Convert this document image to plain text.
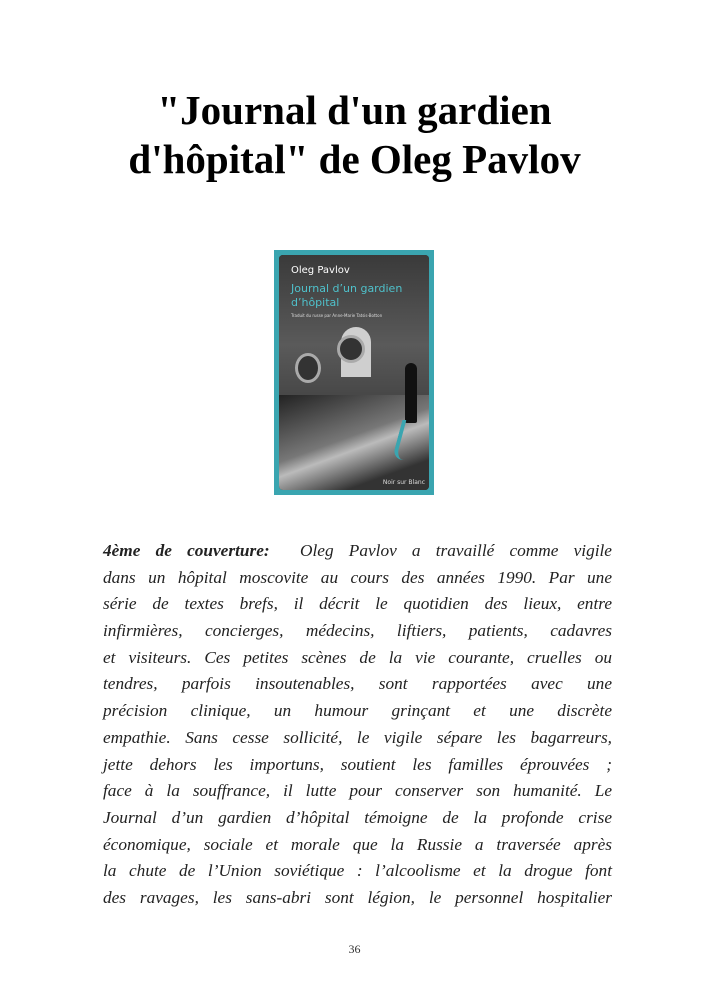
"Journal d'un gardien
d'hôpital" de Oleg Pavlov
Oleg Pavlov
Journal d’un gardien
d’hôpital
Traduit du russe par Anne-Marie Tatsis-Botton
Noir sur Blanc
4ème de couverture: Oleg Pavlov a travaillé comme vigile
dans un hôpital moscovite au cours des années 1990. Par une
série de textes brefs, il décrit le quotidien des lieux, entre
infirmières, concierges, médecins, liftiers, patients, cadavres
et visiteurs. Ces petites scènes de la vie courante, cruelles ou
tendres, parfois insoutenables, sont rapportées avec une
précision clinique, un humour grinçant et une discrète
empathie. Sans cesse sollicité, le vigile sépare les bagarreurs,
jette dehors les importuns, soutient les familles éprouvées ;
face à la souffrance, il lutte pour conserver son humanité. Le
Journal d’un gardien d’hôpital témoigne de la profonde crise
économique, sociale et morale que la Russie a traversée après
la chute de l’Union soviétique : l’alcoolisme et la drogue font
des ravages, les sans-abri sont légion, le personnel hospitalier
36
